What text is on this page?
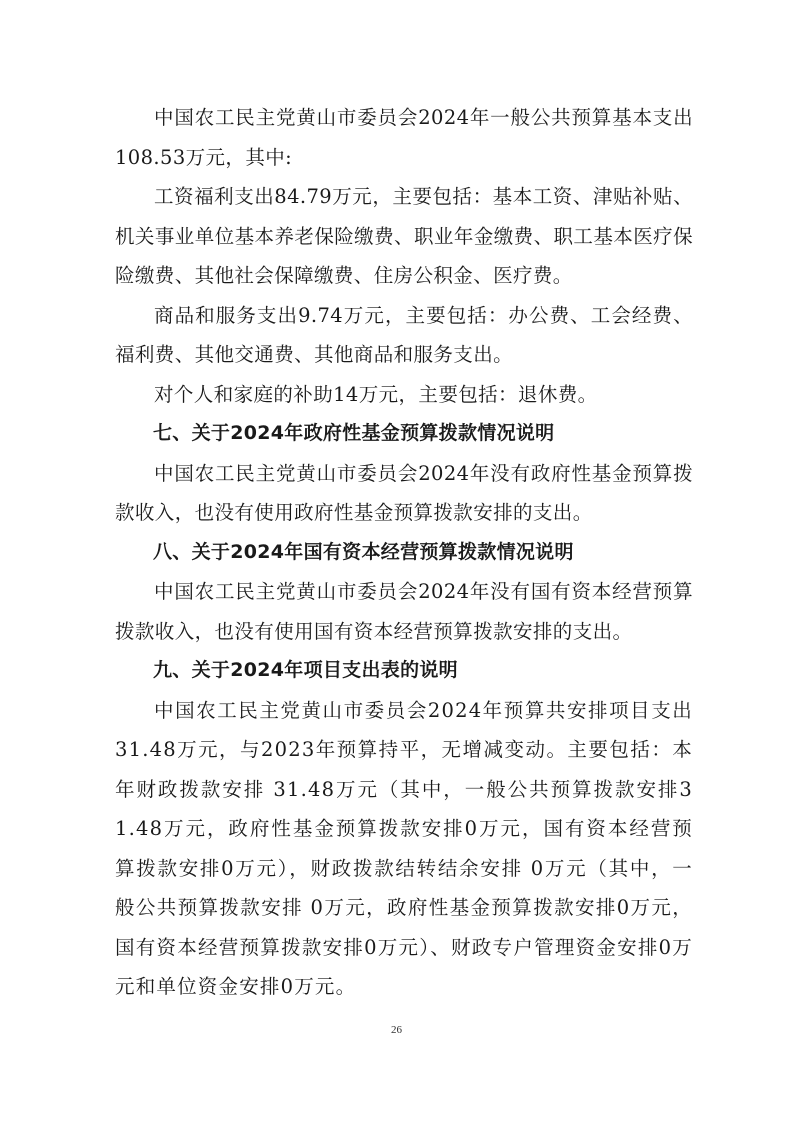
中国农工民主党黄山市委员会2024年一般公共预算基本支出108.53万元，其中:

工资福利支出84.79万元，主要包括：基本工资、津贴补贴、机关事业单位基本养老保险缴费、职业年金缴费、职工基本医疗保险缴费、其他社会保障缴费、住房公积金、医疗费。

商品和服务支出9.74万元，主要包括：办公费、工会经费、福利费、其他交通费、其他商品和服务支出。

对个人和家庭的补助14万元，主要包括：退休费。

七、关于2024年政府性基金预算拨款情况说明

中国农工民主党黄山市委员会2024年没有政府性基金预算拨款收入，也没有使用政府性基金预算拨款安排的支出。

八、关于2024年国有资本经营预算拨款情况说明

中国农工民主党黄山市委员会2024年没有国有资本经营预算拨款收入，也没有使用国有资本经营预算拨款安排的支出。

九、关于2024年项目支出表的说明

中国农工民主党黄山市委员会2024年预算共安排项目支出31.48万元，与2023年预算持平，无增减变动。主要包括：本年财政拨款安排 31.48万元（其中，一般公共预算拨款安排31.48万元，政府性基金预算拨款安排0万元，国有资本经营预算拨款安排0万元），财政拨款结转结余安排 0万元（其中，一般公共预算拨款安排 0万元，政府性基金预算拨款安排0万元，国有资本经营预算拨款安排0万元）、财政专户管理资金安排0万元和单位资金安排0万元。

26
